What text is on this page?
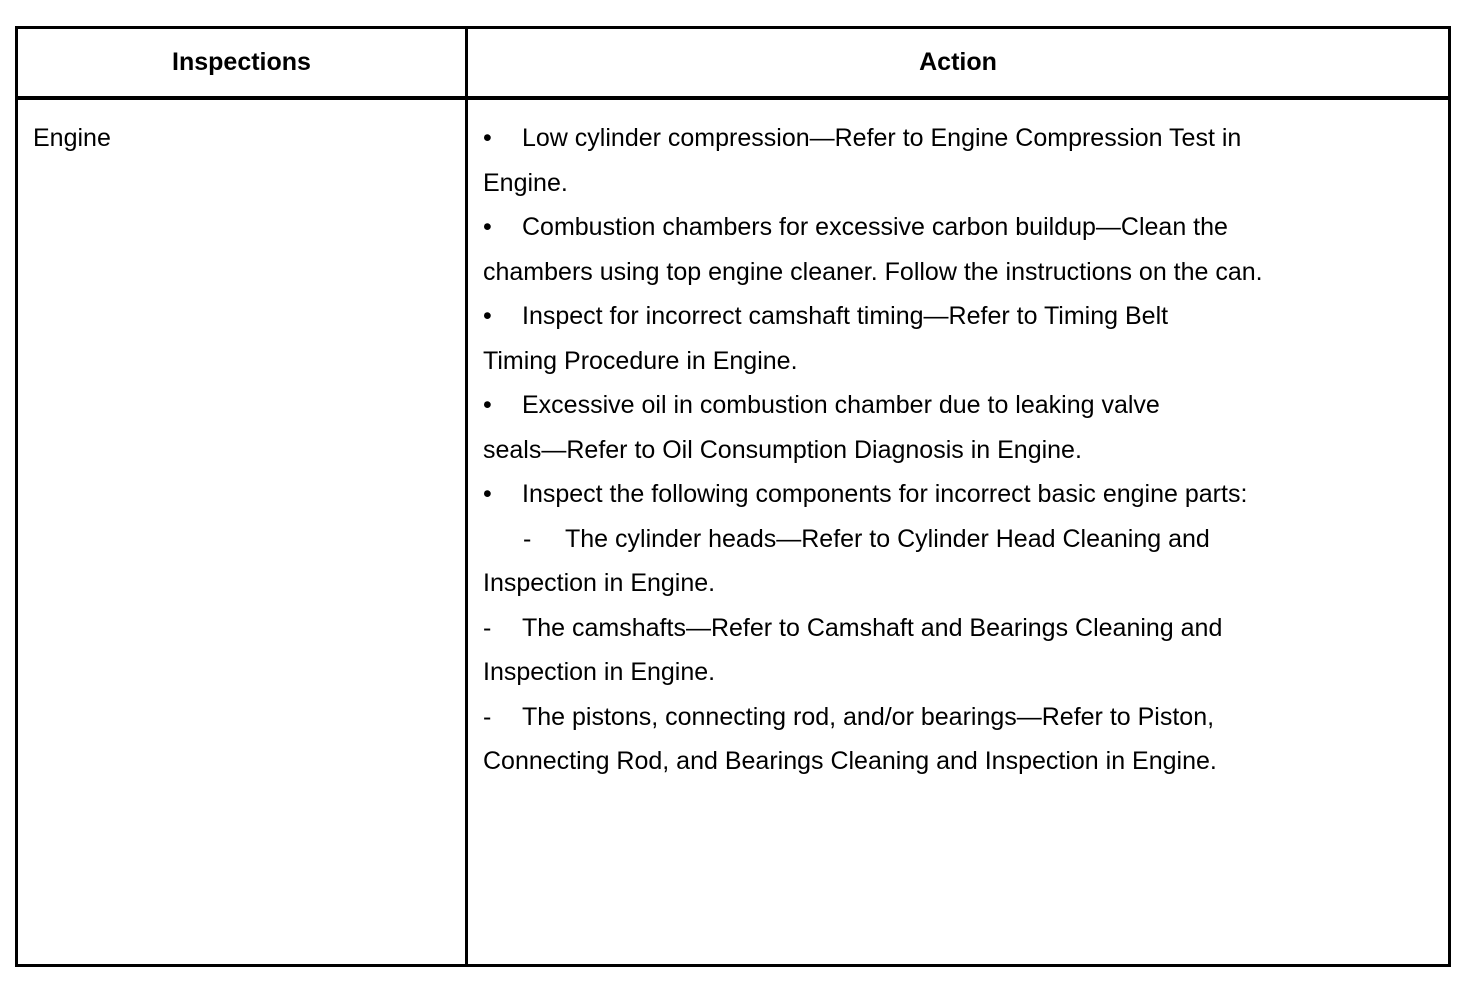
Inspections	Action
Engine	• Low cylinder compression—Refer to Engine Compression Test in
Engine.
• Combustion chambers for excessive carbon buildup—Clean the
chambers using top engine cleaner. Follow the instructions on the can.
• Inspect for incorrect camshaft timing—Refer to Timing Belt
Timing Procedure in Engine.
• Excessive oil in combustion chamber due to leaking valve
seals—Refer to Oil Consumption Diagnosis in Engine.
• Inspect the following components for incorrect basic engine parts:
- The cylinder heads—Refer to Cylinder Head Cleaning and
Inspection in Engine.
- The camshafts—Refer to Camshaft and Bearings Cleaning and
Inspection in Engine.
- The pistons, connecting rod, and/or bearings—Refer to Piston,
Connecting Rod, and Bearings Cleaning and Inspection in Engine.
